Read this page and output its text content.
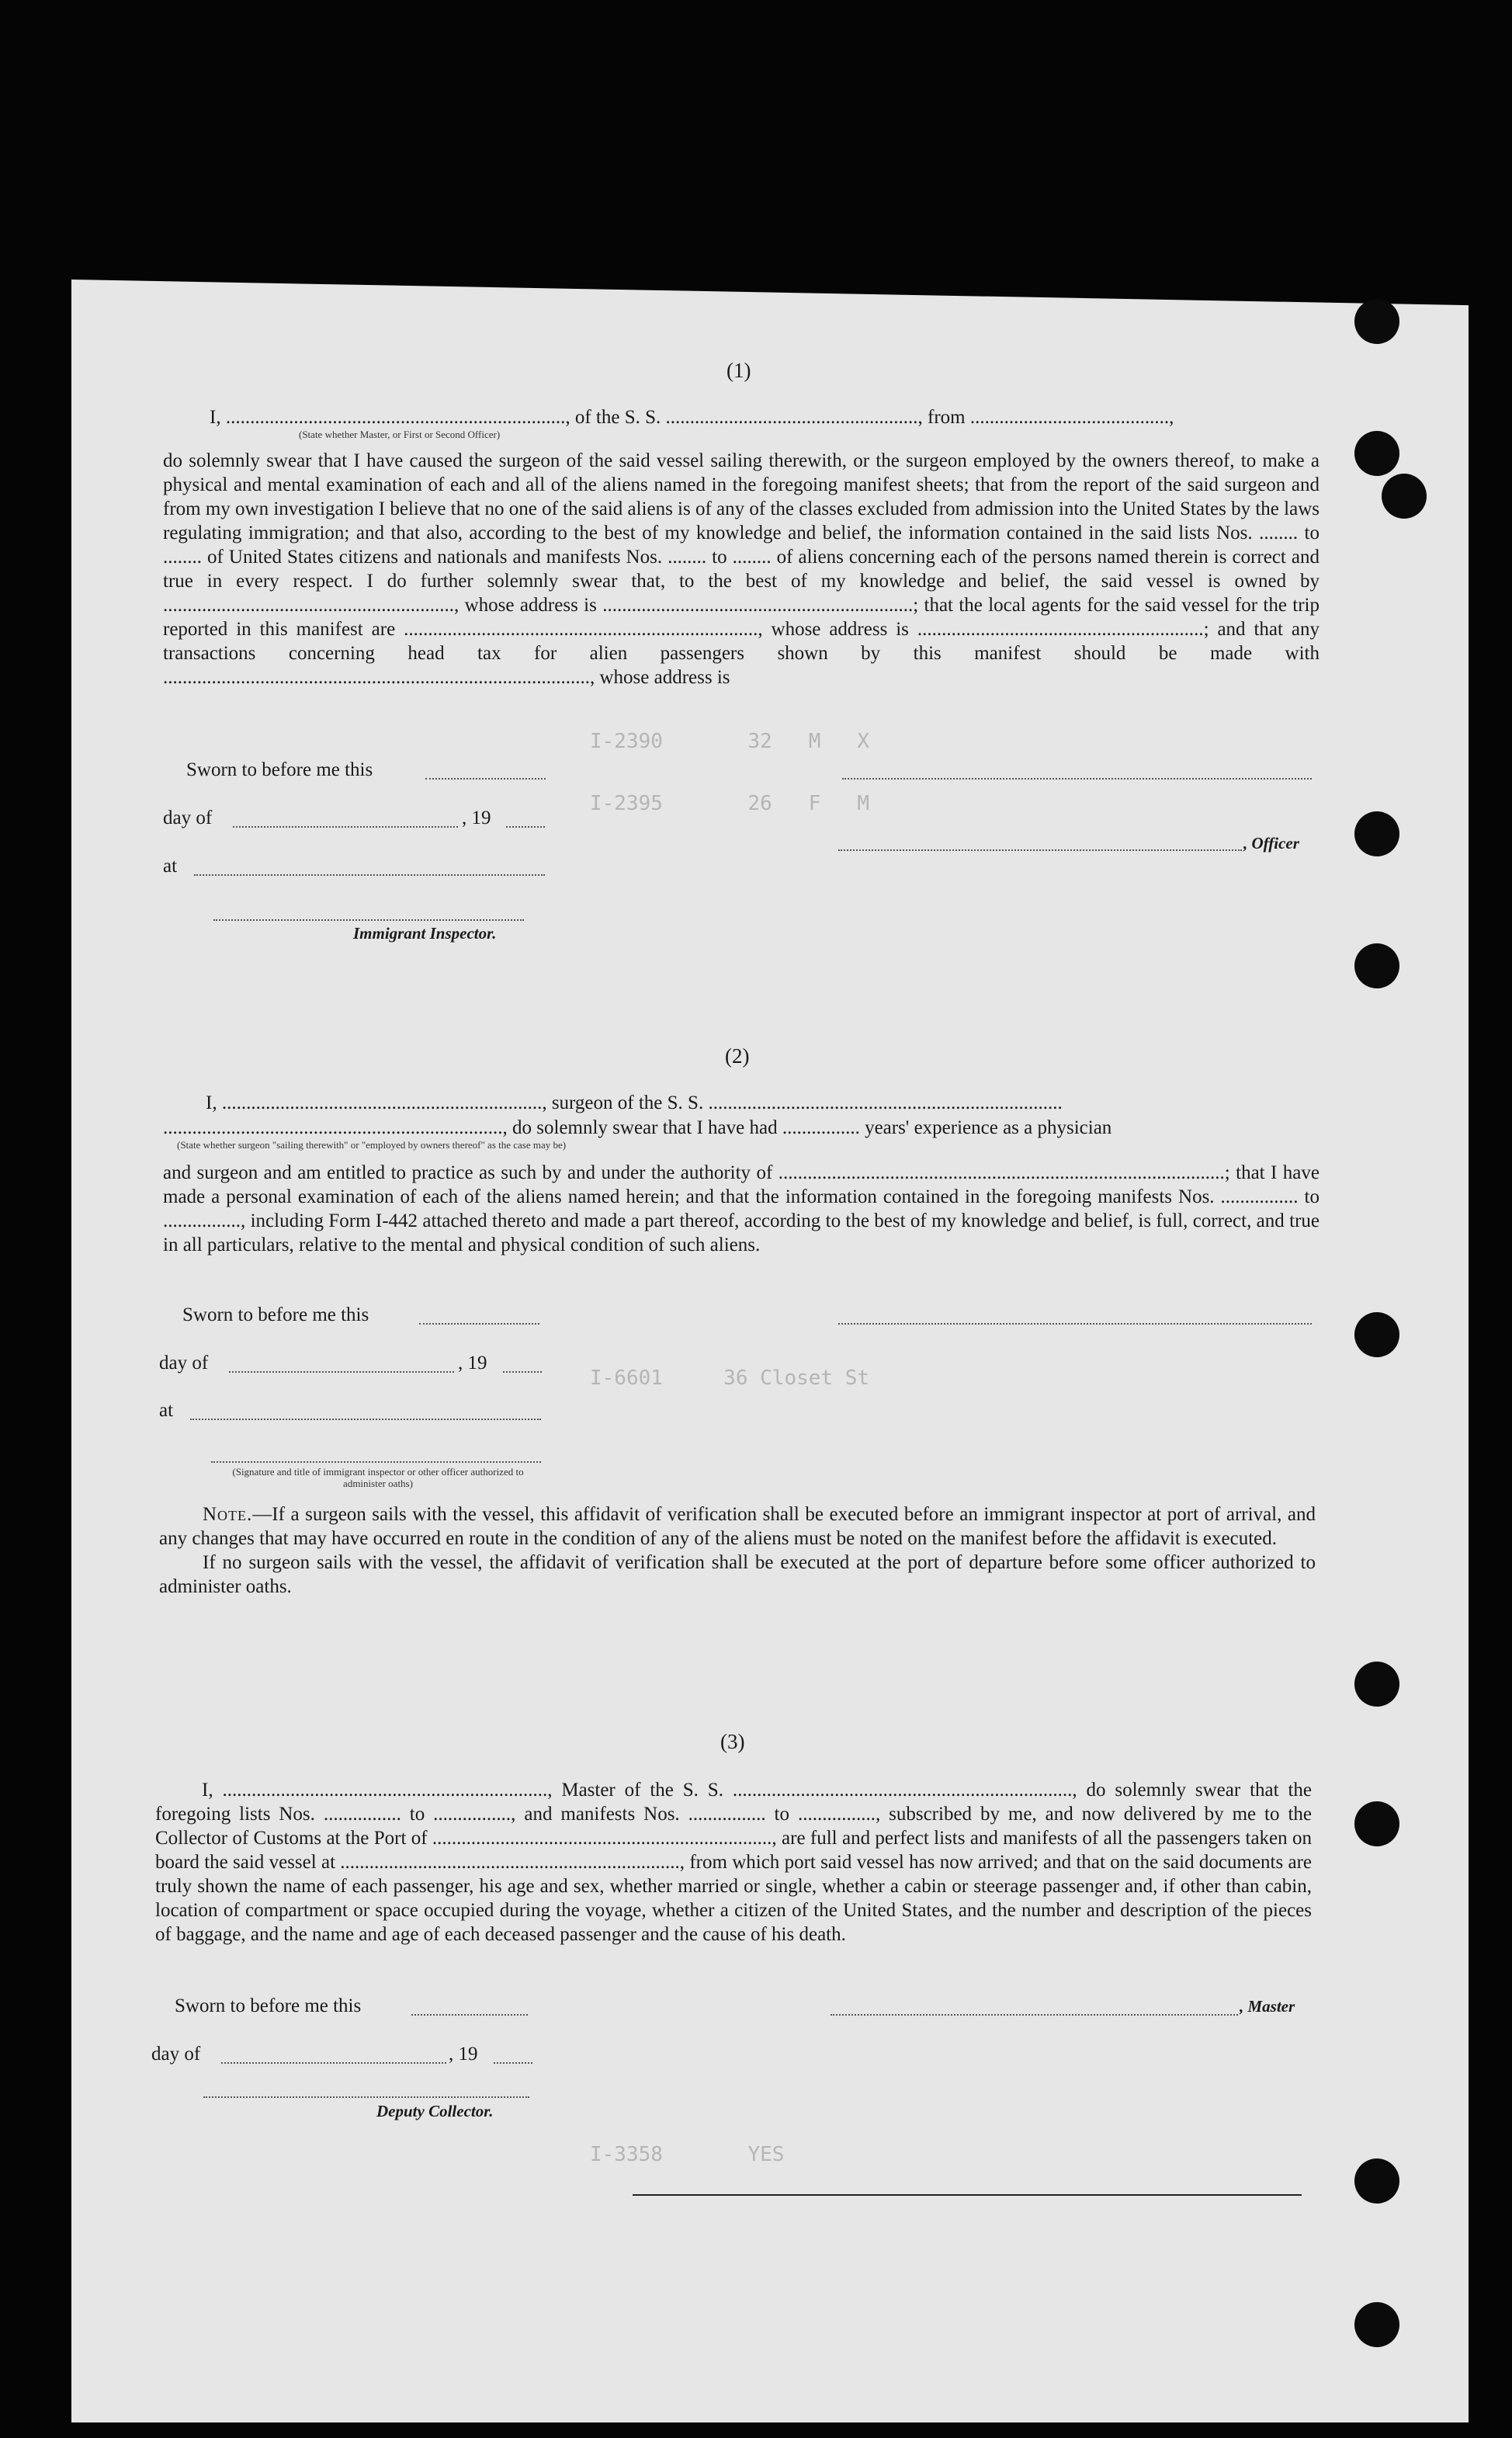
I-2390       32   M   X
I-2395       26   F   M
I-6601     36 Closet St
I-3358       YES
(1)

I, ......................................................................, of the S. S. ...................................................., from .........................................,

(State whether Master, or First or Second Officer)

do solemnly swear that I have caused the surgeon of the said vessel sailing therewith, or the surgeon employed by the owners thereof, to make a physical and mental examination of each and all of the aliens named in the foregoing manifest sheets; that from the report of the said surgeon and from my own investigation I believe that no one of the said aliens is of any of the classes excluded from admission into the United States by the laws regulating immigration; and that also, according to the best of my knowledge and belief, the information contained in the said lists Nos. ........ to ........ of United States citizens and nationals and manifests Nos. ........ to ........ of aliens concerning each of the persons named therein is correct and true in every respect. I do further solemnly swear that, to the best of my knowledge and belief, the said vessel is owned by ............................................................, whose address is ................................................................; that the local agents for the said vessel for the trip reported in this manifest are ........................................................................., whose address is ...........................................................; and that any transactions concerning head tax for alien passengers shown by this manifest should be made with ........................................................................................, whose address is

Sworn to before me this
day of	, 19
, Officer
at
Immigrant Inspector.
(2)

I, .................................................................., surgeon of the S. S. .........................................................................

......................................................................, do solemnly swear that I have had ................ years' experience as a physician

(State whether surgeon "sailing therewith" or "employed by owners thereof" as the case may be)

and surgeon and am entitled to practice as such by and under the authority of ............................................................................................; that I have made a personal examination of each of the aliens named herein; and that the information contained in the foregoing manifests Nos. ................ to ................, including Form I-442 attached thereto and made a part thereof, according to the best of my knowledge and belief, is full, correct, and true in all particulars, relative to the mental and physical condition of such aliens.

Sworn to before me this
day of	, 19
at
(Signature and title of immigrant inspector or other officer authorized to administer oaths)

Note.—If a surgeon sails with the vessel, this affidavit of verification shall be executed before an immigrant inspector at port of arrival, and any changes that may have occurred en route in the condition of any of the aliens must be noted on the manifest before the affidavit is executed.

If no surgeon sails with the vessel, the affidavit of verification shall be executed at the port of departure before some officer authorized to administer oaths.

(3)

I, ..................................................................., Master of the S. S. ......................................................................, do solemnly swear that the foregoing lists Nos. ................ to ................, and manifests Nos. ................ to ................, subscribed by me, and now delivered by me to the Collector of Customs at the Port of ......................................................................, are full and perfect lists and manifests of all the passengers taken on board the said vessel at ......................................................................, from which port said vessel has now arrived; and that on the said documents are truly shown the name of each passenger, his age and sex, whether married or single, whether a cabin or steerage passenger and, if other than cabin, location of compartment or space occupied during the voyage, whether a citizen of the United States, and the number and description of the pieces of baggage, and the name and age of each deceased passenger and the cause of his death.

Sworn to before me this	, Master
day of	, 19
Deputy Collector.
